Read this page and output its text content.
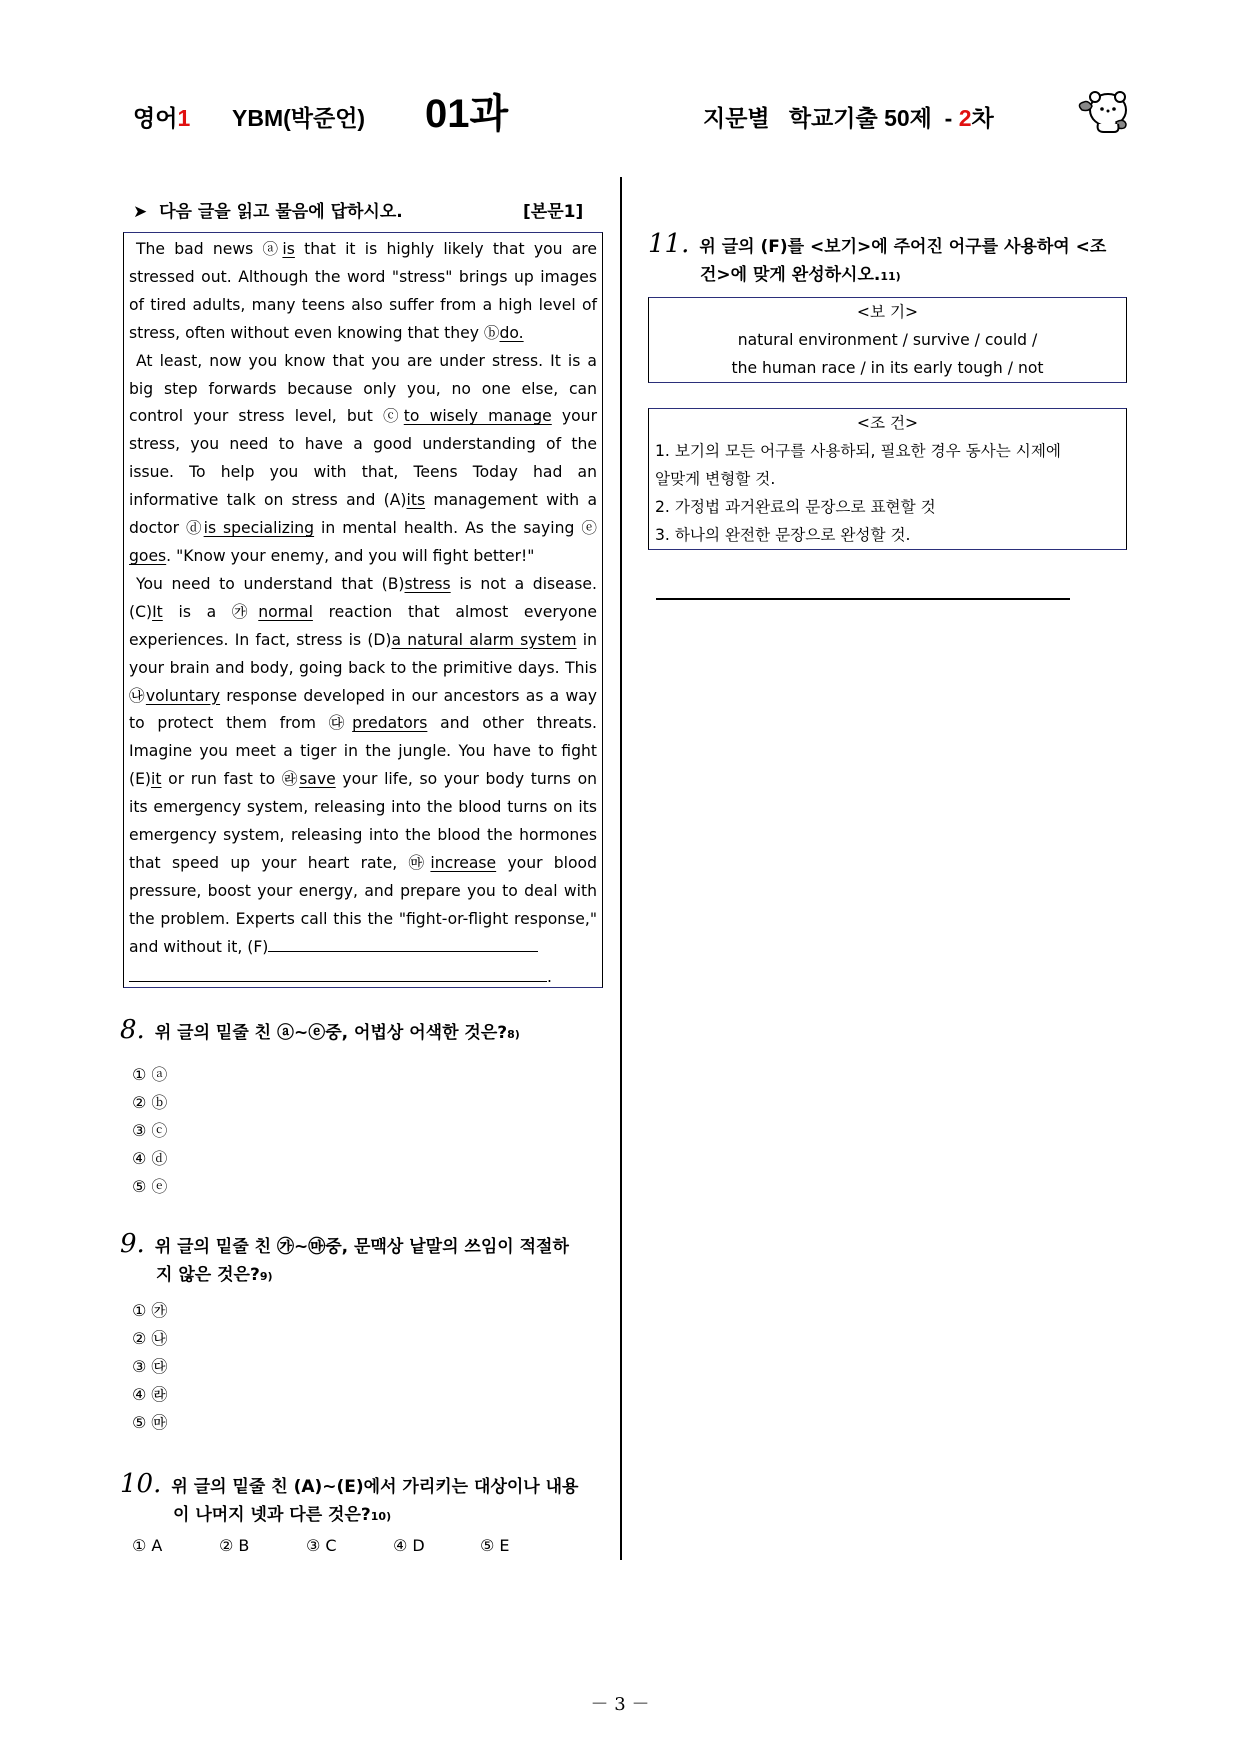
영어1 YBM(박준언) 01과	지문별   학교기출 50제  - 2차
➤ 다음 글을 읽고 물음에 답하시오.	[본문1]

The bad news ⓐis that it is highly likely that you are stressed out. Although the word "stress" brings up images of tired adults, many teens also suffer from a high level of stress, often without even knowing that they ⓑdo.

At least, now you know that you are under stress. It is a big step forwards because only you, no one else, can control your stress level, but ⓒto wisely manage your stress, you need to have a good understanding of the issue. To help you with that, Teens Today had an informative talk on stress and (A)its management with a doctor ⓓis specializing in mental health. As the saying ⓔ goes. "Know your enemy, and you will fight better!"

You need to understand that (B)stress is not a disease. (C)It is a ㉮normal reaction that almost everyone experiences. In fact, stress is (D)a natural alarm system in your brain and body, going back to the primitive days. This ㉯voluntary response developed in our ancestors as a way to protect them from ㉰predators and other threats. Imagine you meet a tiger in the jungle. You have to fight (E)it or run fast to ㉱save your life, so your body turns on its emergency system, releasing into the blood turns on its emergency system, releasing into the blood the hormones that speed up your heart rate, ㉲increase your blood pressure, boost your energy, and prepare you to deal with the problem. Experts call this the "fight-or-flight response," and without it, (F)

.
8. 위 글의 밑줄 친 ⓐ~ⓔ중, 어법상 어색한 것은?8)
① ⓐ
② ⓑ
③ ⓒ
④ ⓓ
⑤ ⓔ
9. 위 글의 밑줄 친 ㉮~㉲중, 문맥상 낱말의 쓰임이 적절하
지 않은 것은?9)
① ㉮
② ㉯
③ ㉰
④ ㉱
⑤ ㉲
10. 위 글의 밑줄 친 (A)~(E)에서 가리키는 대상이나 내용
이 나머지 넷과 다른 것은?10)
① A	② B	③ C	④ D	⑤ E
11. 위 글의 (F)를 <보기>에 주어진 어구를 사용하여 <조
건>에 맞게 완성하시오.11)
<보 기>
natural environment / survive / could /
the human race / in its early tough / not
<조 건>
1. 보기의 모든 어구를 사용하되, 필요한 경우 동사는 시제에
알맞게 변형할 것.
2. 가정법 과거완료의 문장으로 표현할 것
3. 하나의 완전한 문장으로 완성할 것.
－ 3 －
